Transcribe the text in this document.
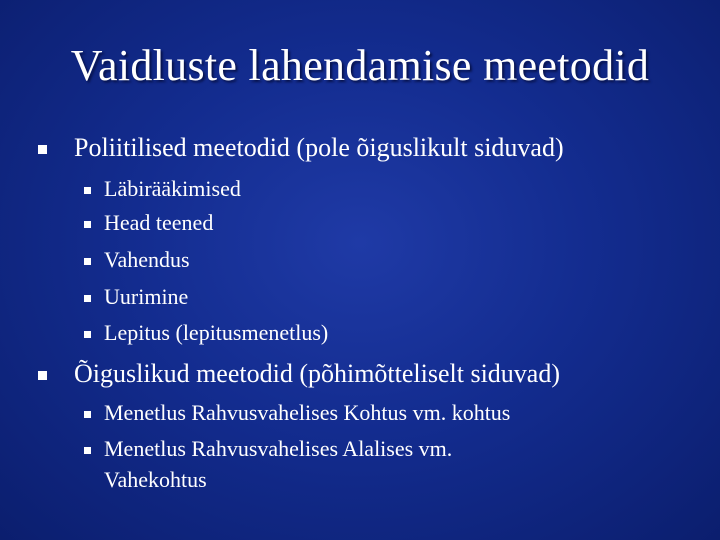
Vaidluste lahendamise meetodid
Poliitilised meetodid (pole õiguslikult siduvad)
Läbirääkimised
Head teened
Vahendus
Uurimine
Lepitus (lepitusmenetlus)
Õiguslikud meetodid (põhimõtteliselt siduvad)
Menetlus Rahvusvahelises Kohtus vm. kohtus
Menetlus Rahvusvahelises Alalises vm.
Vahekohtus
